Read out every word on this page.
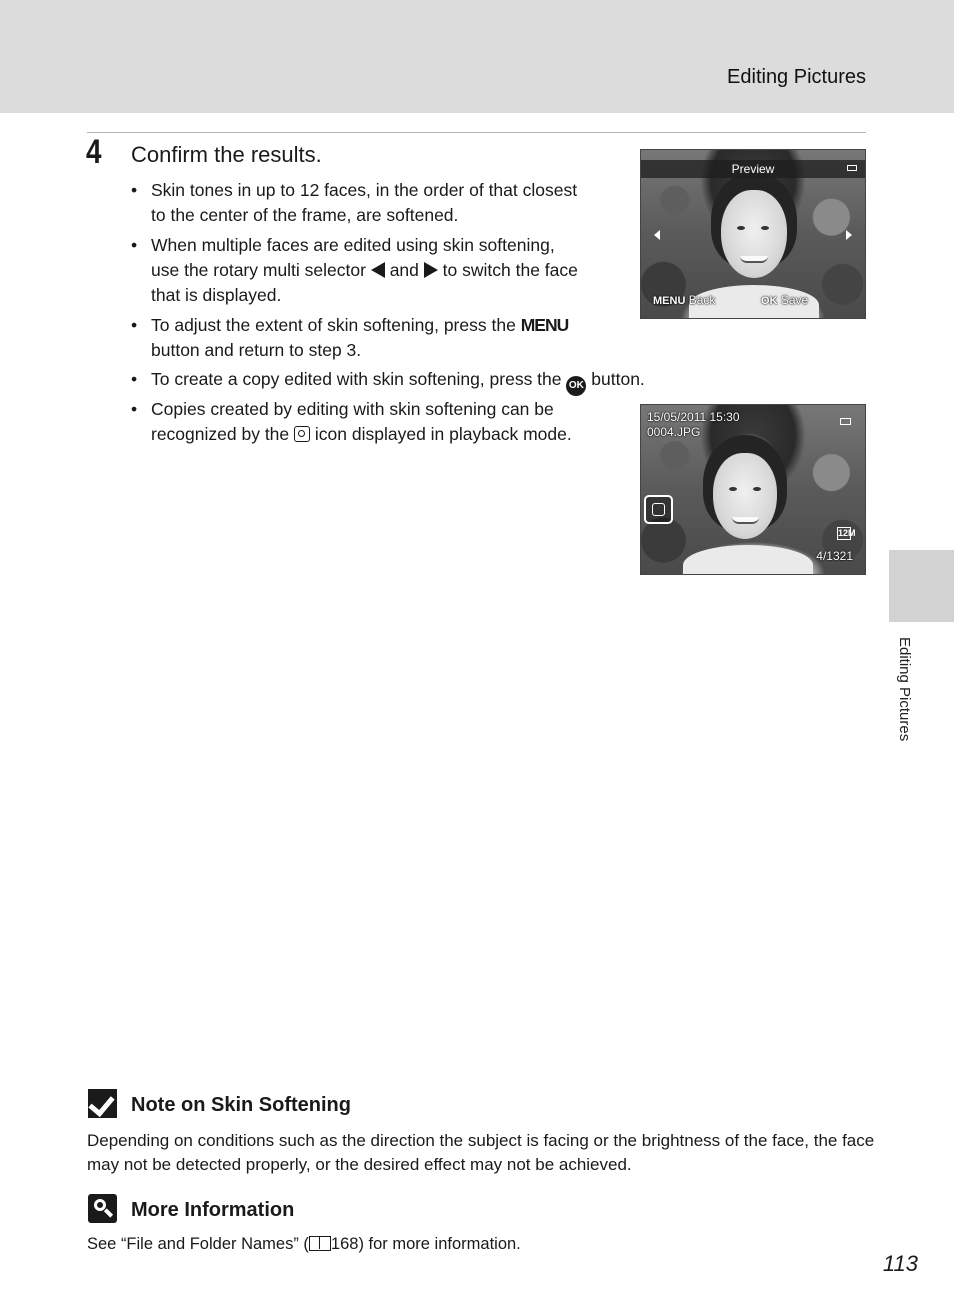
Editing Pictures
4 Confirm the results.
• Skin tones in up to 12 faces, in the order of that closest
to the center of the frame, are softened.
• When multiple faces are edited using skin softening,
use the rotary multi selector and to switch the face
that is displayed.
• To adjust the extent of skin softening, press the MENU
button and return to step 3.
• To create a copy edited with skin softening, press the OK button.
• Copies created by editing with skin softening can be
recognized by the icon displayed in playback mode.
Preview
MENU Back	OK Save
15/05/2011 15:30
0004.JPG
12M
4/1321
Note on Skin Softening
Depending on conditions such as the direction the subject is facing or the brightness of the face, the face may not be detected properly, or the desired effect may not be achieved.
More Information
See “File and Folder Names” ( 168) for more information.
Editing Pictures
113
